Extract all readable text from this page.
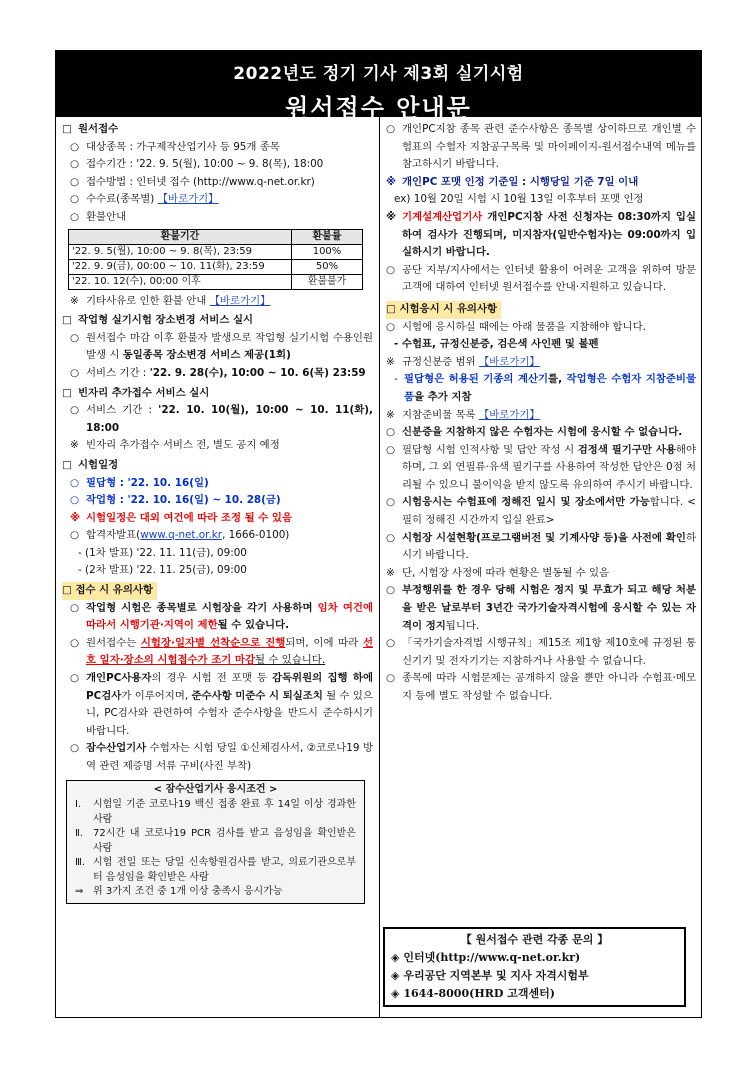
2022년도 정기 기사 제3회 실기시험
원서접수 안내문
□ 원서접수
○ 대상종목 : 가구제작산업기사 등 95개 종목
○ 접수기간 : '22. 9. 5(월), 10:00 ~ 9. 8(목), 18:00
○ 접수방법 : 인터넷 접수 (http://www.q-net.or.kr)
○ 수수료(종목별) 【바로가기】
○ 환불안내
환불기간	환불률
'22. 9. 5(월), 10:00 ~ 9. 8(목), 23:59	100%
'22. 9. 9(금), 00:00 ~ 10. 11(화), 23:59	50%
'22. 10. 12(수), 00:00 이후	환불불가
※ 기타사유로 인한 환불 안내 【바로가기】
□ 작업형 실기시험 장소변경 서비스 실시
○ 원서접수 마감 이후 환불자 발생으로 작업형 실기시험 수용인원 발생 시 동일종목 장소변경 서비스 제공(1회)
○ 서비스 기간 : '22. 9. 28(수), 10:00 ~ 10. 6(목) 23:59
□ 빈자리 추가접수 서비스 실시
○ 서비스 기간 : '22. 10. 10(월), 10:00 ~ 10. 11(화), 18:00
※ 빈자리 추가접수 서비스 전, 별도 공지 예정
□ 시험일정
○ 필답형 : '22. 10. 16(일)
○ 작업형 : '22. 10. 16(일) ~ 10. 28(금)
※ 시험일정은 대외 여건에 따라 조정 될 수 있음
○ 합격자발표(www.q-net.or.kr, 1666-0100)
- (1차 발표) '22. 11. 11(금), 09:00
- (2차 발표) '22. 11. 25(금), 09:00
□ 접수 시 유의사항
○ 작업형 시험은 종목별로 시험장을 각기 사용하며 임차 여건에 따라서 시행기관·지역이 제한될 수 있습니다.
○ 원서접수는 시험장·일자별 선착순으로 진행되며, 이에 따라 선호 일자·장소의 시험접수가 조기 마감될 수 있습니다.
○ 개인PC사용자의 경우 시험 전 포맷 등 감독위원의 집행 하에 PC검사가 이루어지며, 준수사항 미준수 시 퇴실조치 될 수 있으니, PC검사와 관련하여 수험자 준수사항을 반드시 준수하시기 바랍니다.
○ 잠수산업기사 수험자는 시험 당일 ①신체검사서, ②코로나19 방역 관련 제증명 서류 구비(사진 부착)
< 잠수산업기사 응시조건 >
Ⅰ.	시험일 기준 코로나19 백신 접종 완료 후 14일 이상 경과한 사람
Ⅱ. 72시간 내 코로나19 PCR 검사를 받고 음성임을 확인받은 사람
Ⅲ. 시험 전일 또는 당일 신속항원검사를 받고, 의료기관으로부터 음성임을 확인받은 사람
⇒ 위 3가지 조건 중 1개 이상 충족시 응시가능
○ 개인PC지참 종목 관련 준수사항은 종목별 상이하므로 개인별 수험표의 수험자 지참공구목록 및 마이페이지-원서접수내역 메뉴를 참고하시기 바랍니다.
※ 개인PC 포맷 인정 기준일 : 시행당일 기준 7일 이내
ex) 10월 20일 시험 시 10월 13일 이후부터 포맷 인정
※ 기계설계산업기사 개인PC지참 사전 신청자는 08:30까지 입실하여 검사가 진행되며, 미지참자(일반수험자)는 09:00까지 입실하시기 바랍니다.
○ 공단 지부/지사에서는 인터넷 활용이 어려운 고객을 위하여 방문고객에 대하여 인터넷 원서접수를 안내·지원하고 있습니다.
□ 시험응시 시 유의사항
○ 시험에 응시하실 때에는 아래 물품을 지참해야 합니다.
- 수험표, 규정신분증, 검은색 사인펜 및 볼펜
※ 규정신분증 범위 【바로가기】
- 필답형은 허용된 기종의 계산기를, 작업형은 수험자 지참준비물품을 추가 지참
※ 지참준비물 목록 【바로가기】
○ 신분증을 지참하지 않은 수험자는 시험에 응시할 수 없습니다.
○ 필답형 시험 인적사항 및 답안 작성 시 검정색 필기구만 사용해야 하며, 그 외 연필류·유색 필기구를 사용하여 작성한 답안은 0점 처리될 수 있으니 불이익을 받지 않도록 유의하여 주시기 바랍니다.
○ 시험응시는 수험표에 정해진 일시 및 장소에서만 가능합니다. <필히 정해진 시간까지 입실 완료>
○ 시험장 시설현황(프로그램버전 및 기계사양 등)을 사전에 확인하시기 바랍니다.
※ 단, 시험장 사정에 따라 현황은 별동될 수 있음
○ 부정행위를 한 경우 당해 시험은 정지 및 무효가 되고 해당 처분을 받은 날로부터 3년간 국가기술자격시험에 응시할 수 있는 자격이 정지됩니다.
○ 「국가기술자격법 시행규칙」제15조 제1항 제10호에 규정된 통신기기 및 전자기기는 지참하거나 사용할 수 없습니다.
○ 종목에 따라 시험문제는 공개하지 않을 뿐만 아니라 수험표·메모지 등에 별도 작성할 수 없습니다.
【 원서접수 관련 각종 문의 】
◈ 인터넷(http://www.q-net.or.kr)
◈ 우리공단 지역본부 및 지사 자격시험부
◈ 1644-8000(HRD 고객센터)
